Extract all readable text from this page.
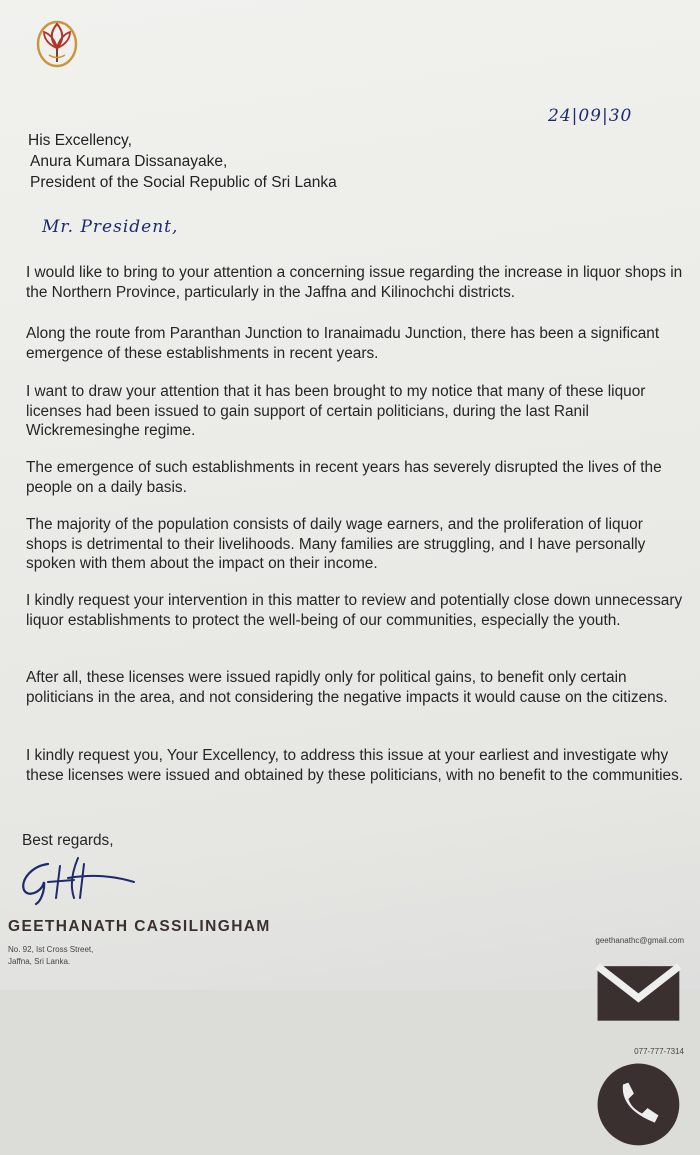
24|09|30
His Excellency,
Anura Kumara Dissanayake,
President of the Social Republic of Sri Lanka
Mr. President,
I would like to bring to your attention a concerning issue regarding the increase in liquor shops in the Northern Province, particularly in the Jaffna and Kilinochchi districts.
Along the route from Paranthan Junction to Iranaimadu Junction, there has been a significant emergence of these establishments in recent years.
I want to draw your attention that it has been brought to my notice that many of these liquor licenses had been issued to gain support of certain politicians, during the last Ranil Wickremesinghe regime.
The emergence of such establishments in recent years has severely disrupted the lives of the people on a daily basis.
The majority of the population consists of daily wage earners, and the proliferation of liquor shops is detrimental to their livelihoods. Many families are struggling, and I have personally spoken with them about the impact on their income.
I kindly request your intervention in this matter to review and potentially close down unnecessary liquor establishments to protect the well-being of our communities, especially the youth.
After all, these licenses were issued rapidly only for political gains, to benefit only certain politicians in the area, and not considering the negative impacts it would cause on the citizens.
I kindly request you, Your Excellency, to address this issue at your earliest and investigate why these licenses were issued and obtained by these politicians, with no benefit to the communities.
Best regards,
GEETHANATH CASSILINGHAM
No. 92, Ist Cross Street,
Jaffna, Sri Lanka.
geethanathc@gmail.com
077-777-7314
